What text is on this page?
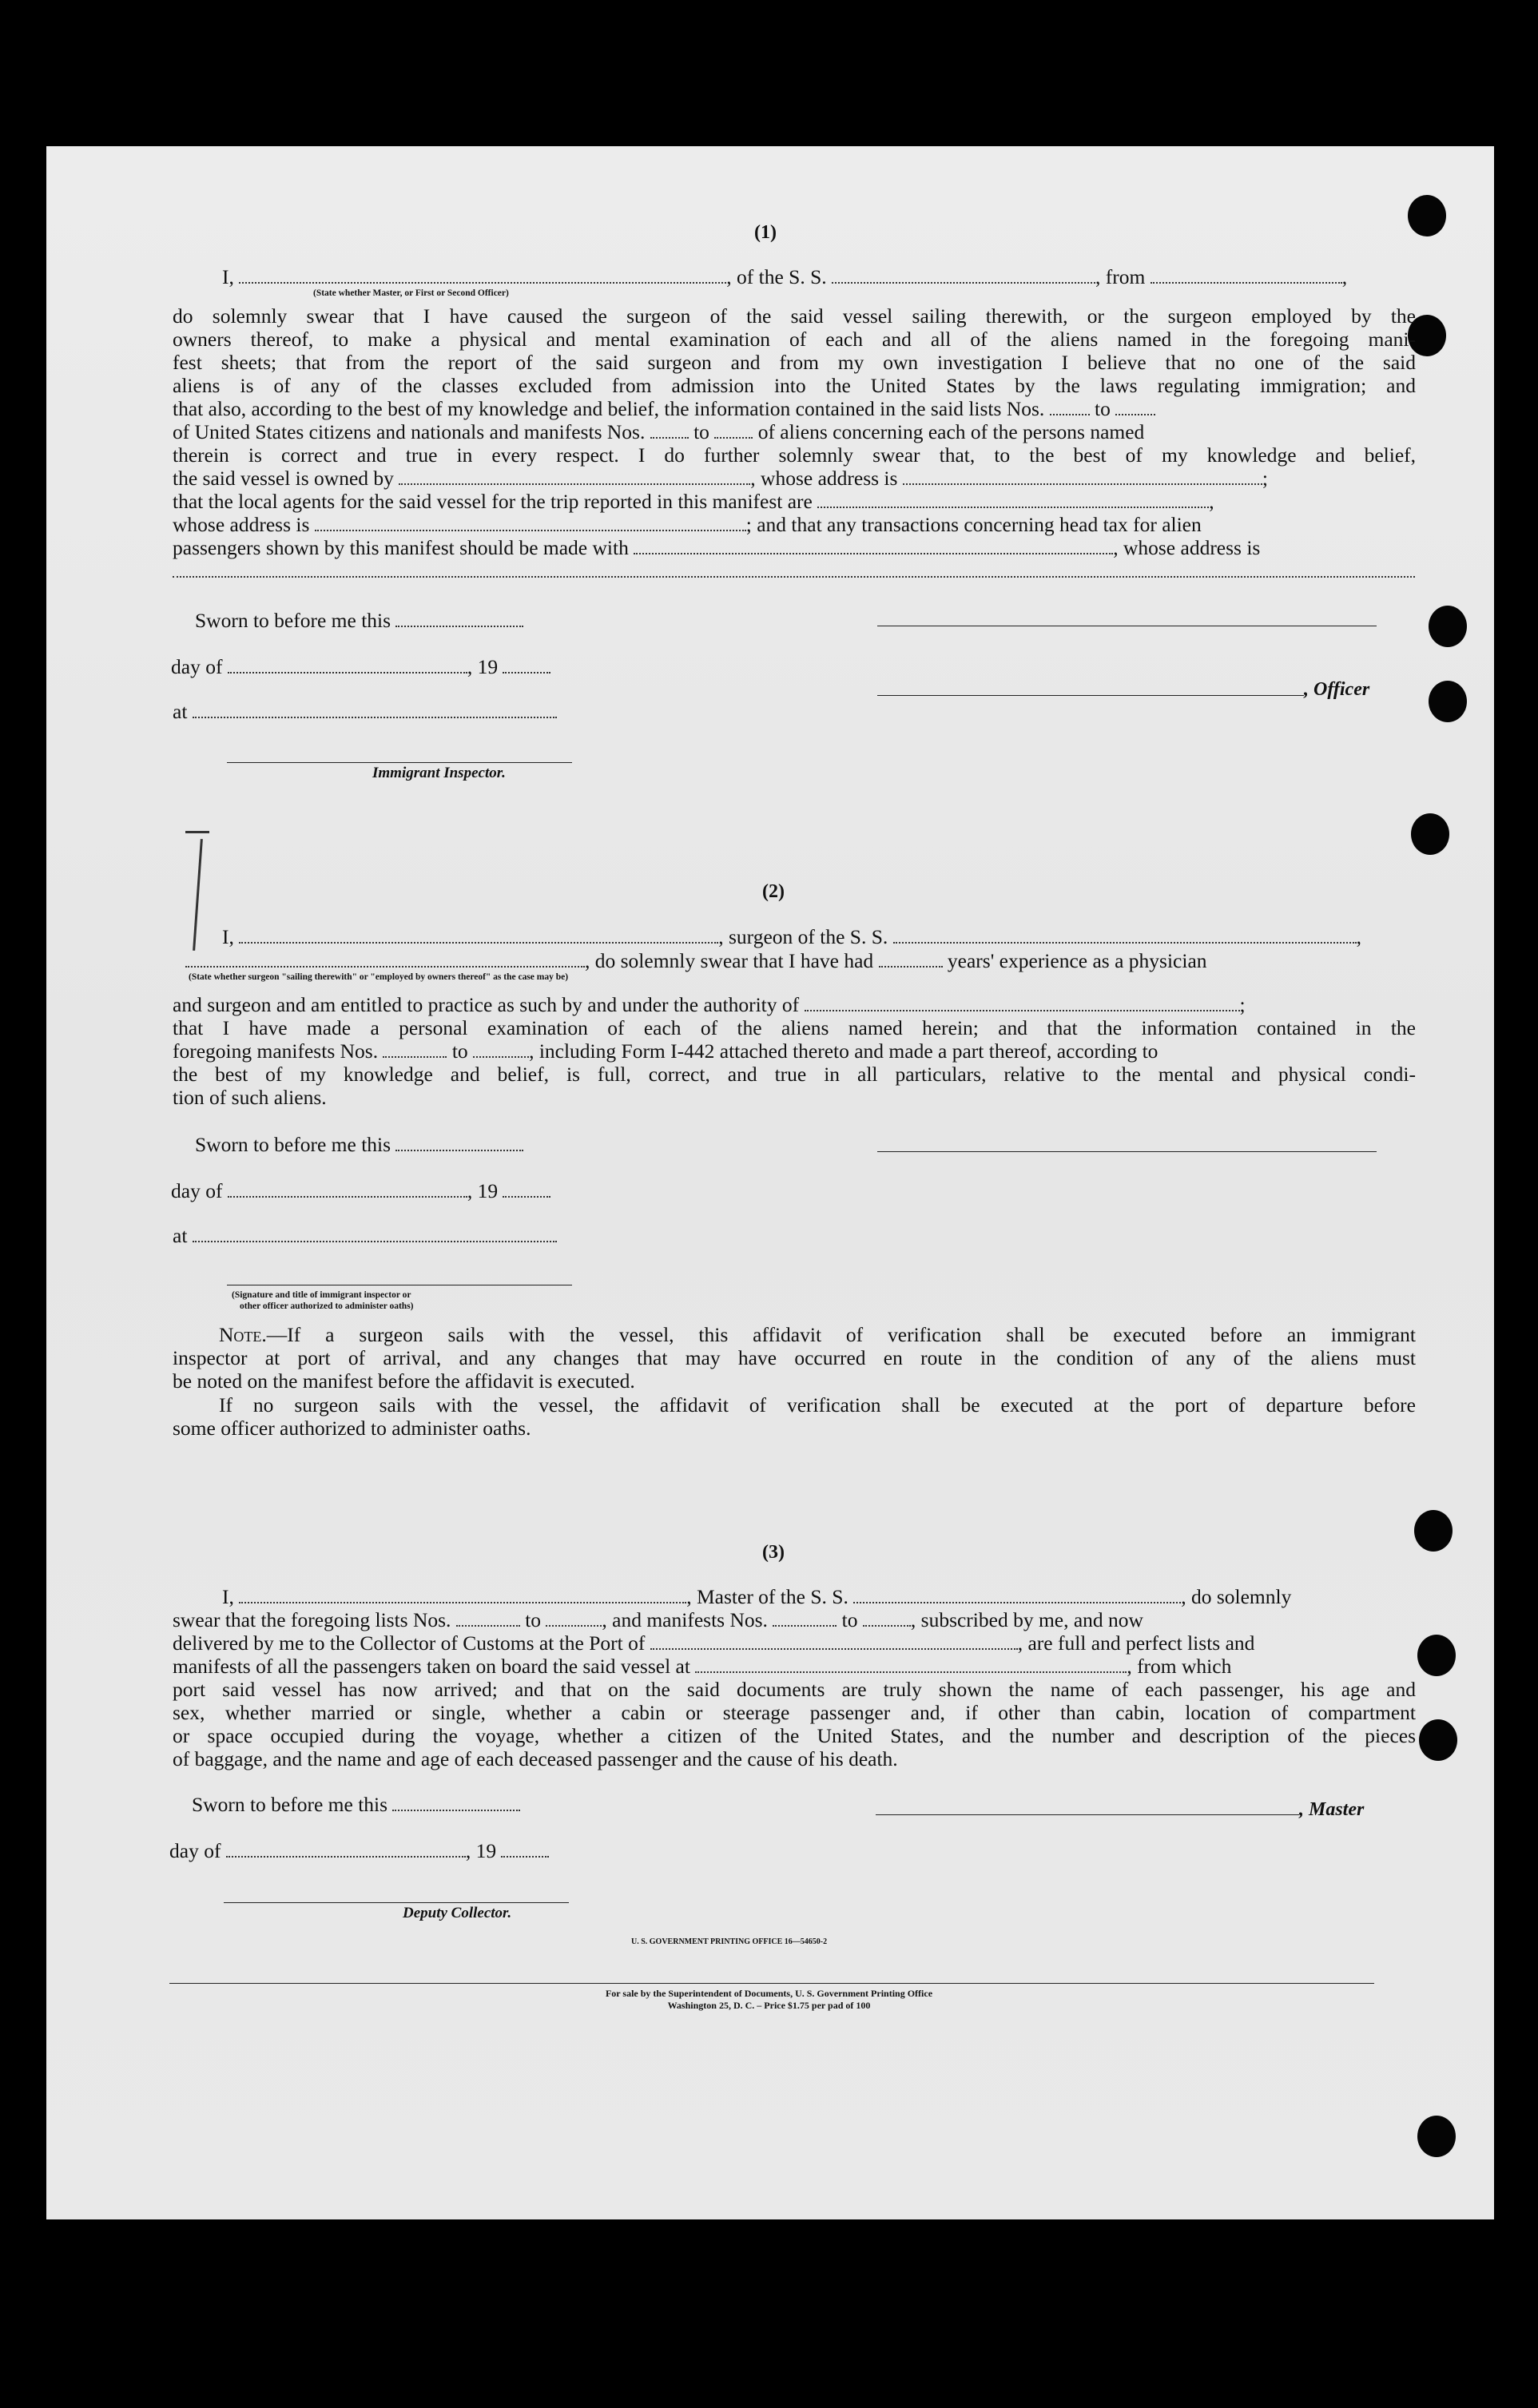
(1)
I,	, of the S. S.	, from	,
(State whether Master, or First or Second Officer)
do solemnly swear that I have caused the surgeon of the said vessel sailing therewith, or the surgeon employed by the
owners thereof, to make a physical and mental examination of each and all of the aliens named in the foregoing mani-
fest sheets; that from the report of the said surgeon and from my own investigation I believe that no one of the said
aliens is of any of the classes excluded from admission into the United States by the laws regulating immigration; and
that also, according to the best of my knowledge and belief, the information contained in the said lists Nos. to
of United States citizens and nationals and manifests Nos. to of aliens concerning each of the persons named
therein is correct and true in every respect. I do further solemnly swear that, to the best of my knowledge and belief,
the said vessel is owned by	, whose address is	;
that the local agents for the said vessel for the trip reported in this manifest are	,
whose address is	; and that any transactions concerning head tax for alien
passengers shown by this manifest should be made with	, whose address is
Sworn to before me this
day of	, 19
, Officer
at
Immigrant Inspector.
(2)
I,	, surgeon of the S. S.	,
, do solemnly swear that I have had	years' experience as a physician
(State whether surgeon "sailing therewith" or "employed by owners thereof" as the case may be)
and surgeon and am entitled to practice as such by and under the authority of	;
that I have made a personal examination of each of the aliens named herein; and that the information contained in the
foregoing manifests Nos.	to	, including Form I-442 attached thereto and made a part thereof, according to
the best of my knowledge and belief, is full, correct, and true in all particulars, relative to the mental and physical condi-
tion of such aliens.
Sworn to before me this
day of	, 19
at
(Signature and title of immigrant inspector or
other officer authorized to administer oaths)
Note.—If a surgeon sails with the vessel, this affidavit of verification shall be executed before an immigrant
inspector at port of arrival, and any changes that may have occurred en route in the condition of any of the aliens must
be noted on the manifest before the affidavit is executed.
If no surgeon sails with the vessel, the affidavit of verification shall be executed at the port of departure before
some officer authorized to administer oaths.
(3)
I,	, Master of the S. S.	, do solemnly
swear that the foregoing lists Nos.	to	, and manifests Nos.	to	, subscribed by me, and now
delivered by me to the Collector of Customs at the Port of	, are full and perfect lists and
manifests of all the passengers taken on board the said vessel at	, from which
port said vessel has now arrived; and that on the said documents are truly shown the name of each passenger, his age and
sex, whether married or single, whether a cabin or steerage passenger and, if other than cabin, location of compartment
or space occupied during the voyage, whether a citizen of the United States, and the number and description of the pieces
of baggage, and the name and age of each deceased passenger and the cause of his death.
Sworn to before me this	, Master
day of	, 19
Deputy Collector.
U. S. GOVERNMENT PRINTING OFFICE 16—54650-2
For sale by the Superintendent of Documents, U. S. Government Printing Office
Washington 25, D. C. – Price $1.75 per pad of 100
